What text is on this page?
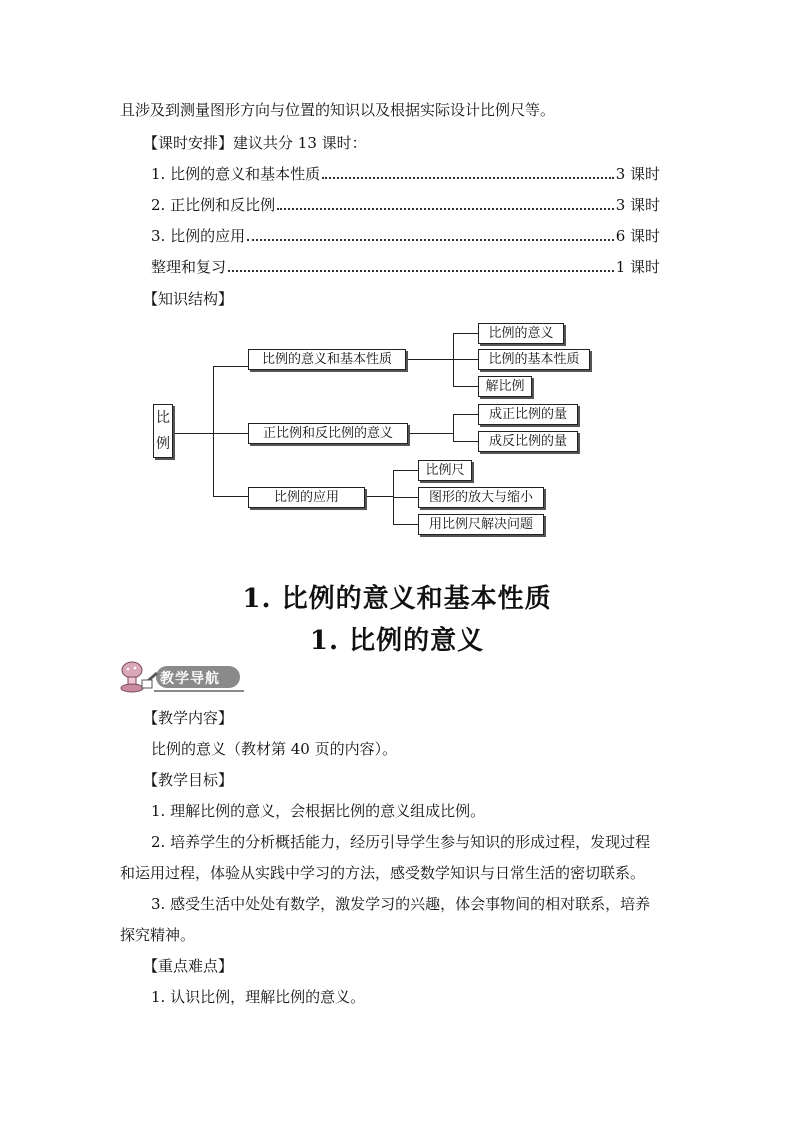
且涉及到测量图形方向与位置的知识以及根据实际设计比例尺等。
【课时安排】建议共分 13 课时：
1. 比例的意义和基本性质	3 课时
2. 正比例和反比例	3 课时
3. 比例的应用	6 课时
整理和复习	1 课时
【知识结构】
比
例
比例的意义和基本性质
正比例和反比例的意义
比例的应用
比例的意义
比例的基本性质
解比例
成正比例的量
成反比例的量
比例尺
图形的放大与缩小
用比例尺解决问题
1. 比例的意义和基本性质
1. 比例的意义
教学导航
【教学内容】
比例的意义（教材第 40 页的内容）。
【教学目标】
1. 理解比例的意义，会根据比例的意义组成比例。
2. 培养学生的分析概括能力，经历引导学生参与知识的形成过程，发现过程
和运用过程，体验从实践中学习的方法，感受数学知识与日常生活的密切联系。
3. 感受生活中处处有数学，激发学习的兴趣，体会事物间的相对联系，培养
探究精神。
【重点难点】
1. 认识比例，理解比例的意义。
